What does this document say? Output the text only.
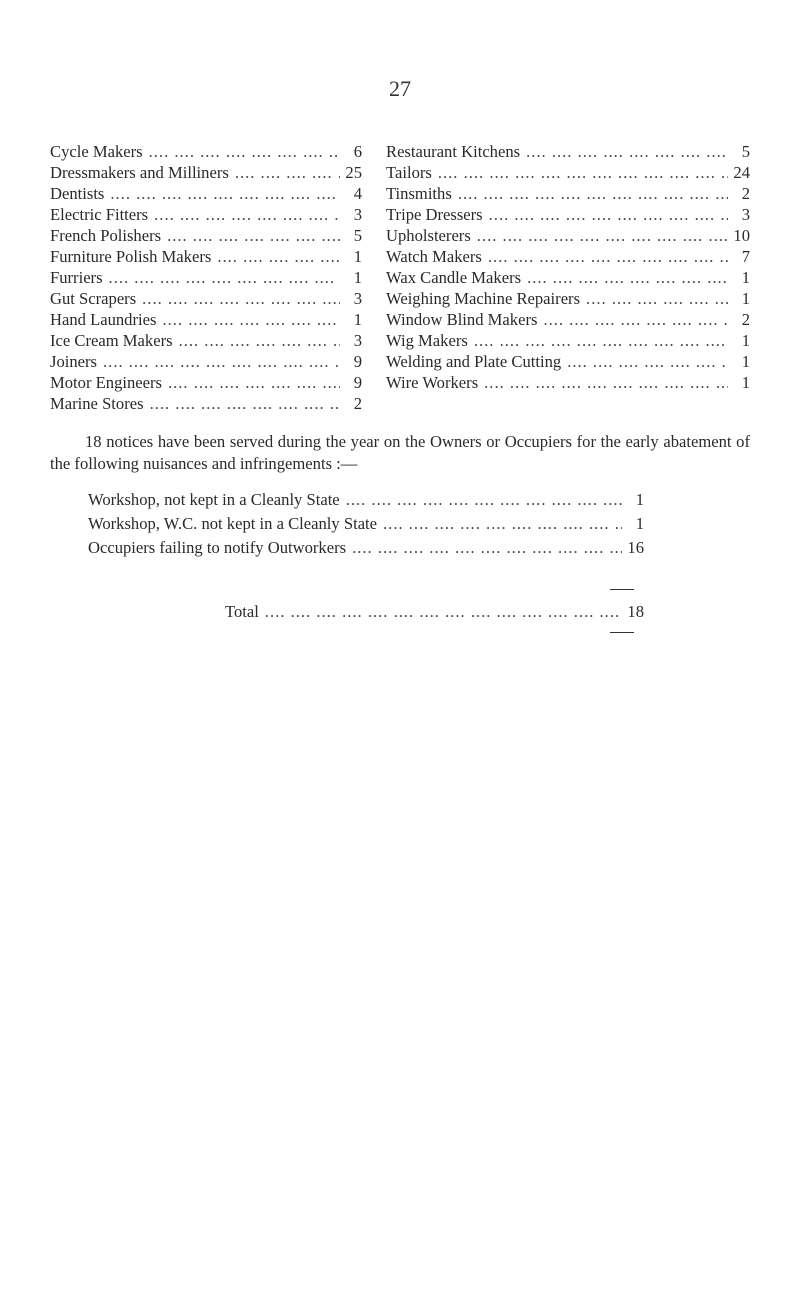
27
Cycle Makers ....	6
Dressmakers and Milliners ....	25
Dentists ....	4
Electric Fitters ....	3
French Polishers ....	5
Furniture Polish Makers ....	1
Furriers ....	1
Gut Scrapers ....	3
Hand Laundries ....	1
Ice Cream Makers ....	3
Joiners ....	9
Motor Engineers ....	9
Marine Stores ....	2
Restaurant Kitchens ....	5
Tailors ....	24
Tinsmiths ....	2
Tripe Dressers ....	3
Upholsterers ....	10
Watch Makers ....	7
Wax Candle Makers ....	1
Weighing Machine Repairers ....	1
Window Blind Makers ....	2
Wig Makers ....	1
Welding and Plate Cutting ....	1
Wire Workers ....	1
18 notices have been served during the year on the Owners or Occupiers for the early abatement of the following nuisances and infringements :—
Workshop, not kept in a Cleanly State ....	1
Workshop, W.C. not kept in a Cleanly State ....	1
Occupiers failing to notify Outworkers ....	16
Total ....	18
